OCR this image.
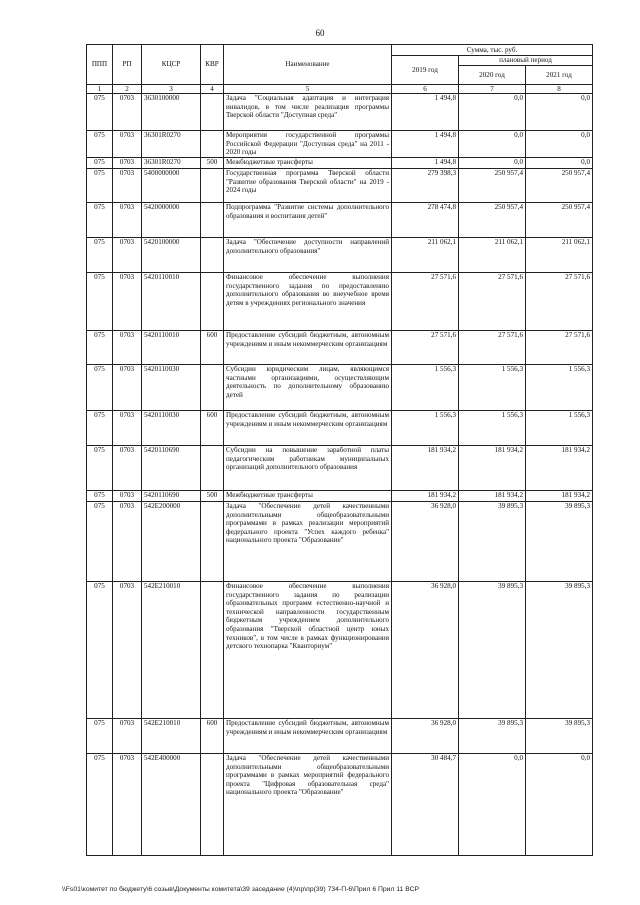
60
ППП	РП	КЦСР	КВР	Наименование	Сумма, тыс. руб.		
					2019 год	плановый период	
						2020 год	2021 год
1	2	3	4	5	6	7	8
075	0703	3630100000		Задача "Социальная адаптация и интеграция инвалидов, в том числе реализация программы Тверской области "Доступная среда"	1 494,8	0,0	0,0
075	0703	36301R0270		Мероприятия государственной программы Российской Федерации "Доступная среда" на 2011 - 2020 годы	1 494,8	0,0	0,0
075	0703	36301R0270	500	Межбюджетные трансферты	1 494,8	0,0	0,0
075	0703	5400000000		Государственная программа Тверской области "Развитие образования Тверской области" на 2019 - 2024 годы	279 398,3	250 957,4	250 957,4
075	0703	5420000000		Подпрограмма "Развитие системы дополнительного образования и воспитания детей"	278 474,8	250 957,4	250 957,4
075	0703	5420100000		Задача "Обеспечение доступности направлений дополнительного образования"	211 062,1	211 062,1	211 062,1
075	0703	5420110010		Финансовое обеспечение выполнения государственного задания по предоставлению дополнительного образования во внеучебное время детям в учреждениях регионального значения	27 571,6	27 571,6	27 571,6
075	0703	5420110010	600	Предоставление субсидий бюджетным, автономным учреждениям и иным некоммерческим организациям	27 571,6	27 571,6	27 571,6
075	0703	5420110030		Субсидии юридическим лицам, являющимся частными организациями, осуществляющим деятельность по дополнительному образованию детей	1 556,3	1 556,3	1 556,3
075	0703	5420110030	600	Предоставление субсидий бюджетным, автономным учреждениям и иным некоммерческим организациям	1 556,3	1 556,3	1 556,3
075	0703	5420110690		Субсидии на повышение заработной платы педагогическим работникам муниципальных организаций дополнительного образования	181 934,2	181 934,2	181 934,2
075	0703	5420110690	500	Межбюджетные трансферты	181 934,2	181 934,2	181 934,2
075	0703	542E200000		Задача "Обеспечение детей качественными дополнительными общеобразовательными программами в рамках реализации мероприятий федерального проекта "Успех каждого ребенка" национального проекта "Образование"	36 928,0	39 895,3	39 895,3
075	0703	542E210010		Финансовое обеспечение выполнения государственного задания по реализации образовательных программ естественно-научной и технической направленности государственным бюджетным учреждением дополнительного образования "Тверской областной центр юных техников", в том числе в рамках функционирования детского технопарка "Кванториум"	36 928,0	39 895,3	39 895,3
075	0703	542E210010	600	Предоставление субсидий бюджетным, автономным учреждениям и иным некоммерческим организациям	36 928,0	39 895,3	39 895,3
075	0703	542E400000		Задача "Обеспечение детей качественными дополнительными общеобразовательными программами в рамках мероприятий федерального проекта "Цифровая образовательная среда" национального проекта "Образование"	30 484,7	0,0	0,0
\\Fs01\комитет по бюджету\6 созыв\Документы комитета\39 заседание (4)\пр\пр(39) 734-П-6\Прил 6 Прил 11 ВСР
